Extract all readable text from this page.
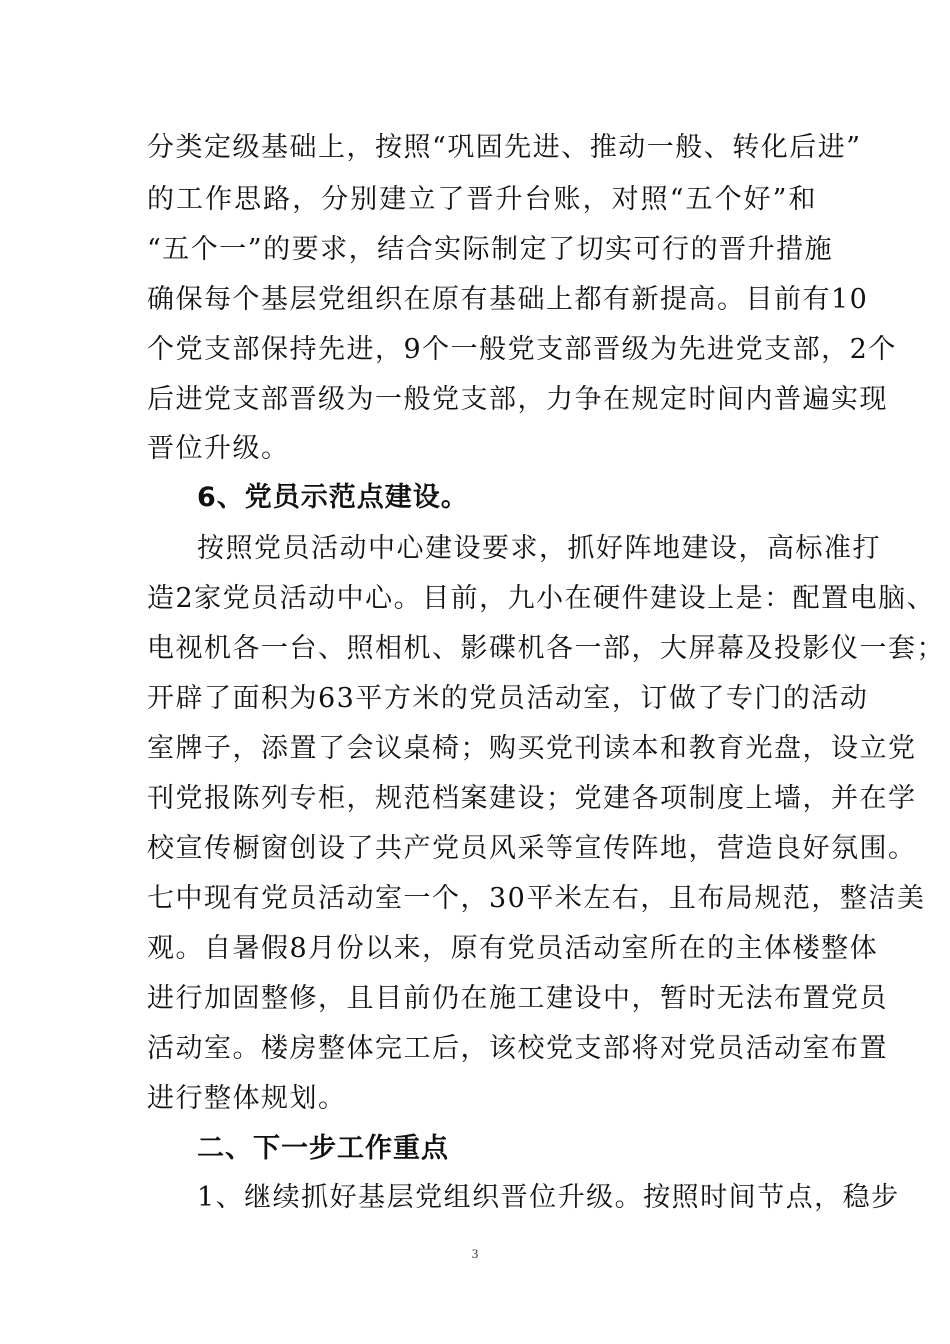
分类定级基础上，按照“巩固先进、推动一般、转化后进”
的工作思路，分别建立了晋升台账，对照“五个好”和
“五个一”的要求，结合实际制定了切实可行的晋升措施
确保每个基层党组织在原有基础上都有新提高。目前有10
个党支部保持先进，9个一般党支部晋级为先进党支部，2个
后进党支部晋级为一般党支部，力争在规定时间内普遍实现
晋位升级。
6、党员示范点建设。
按照党员活动中心建设要求，抓好阵地建设，高标准打
造2家党员活动中心。目前，九小在硬件建设上是：配置电脑、
电视机各一台、照相机、影碟机各一部，大屏幕及投影仪一套；
开辟了面积为63平方米的党员活动室，订做了专门的活动
室牌子，添置了会议桌椅；购买党刊读本和教育光盘，设立党
刊党报陈列专柜，规范档案建设；党建各项制度上墙，并在学
校宣传橱窗创设了共产党员风采等宣传阵地，营造良好氛围。
七中现有党员活动室一个，30平米左右，且布局规范，整洁美
观。自暑假8月份以来，原有党员活动室所在的主体楼整体
进行加固整修，且目前仍在施工建设中，暂时无法布置党员
活动室。楼房整体完工后，该校党支部将对党员活动室布置
进行整体规划。
二、下一步工作重点
1、继续抓好基层党组织晋位升级。按照时间节点，稳步
3
